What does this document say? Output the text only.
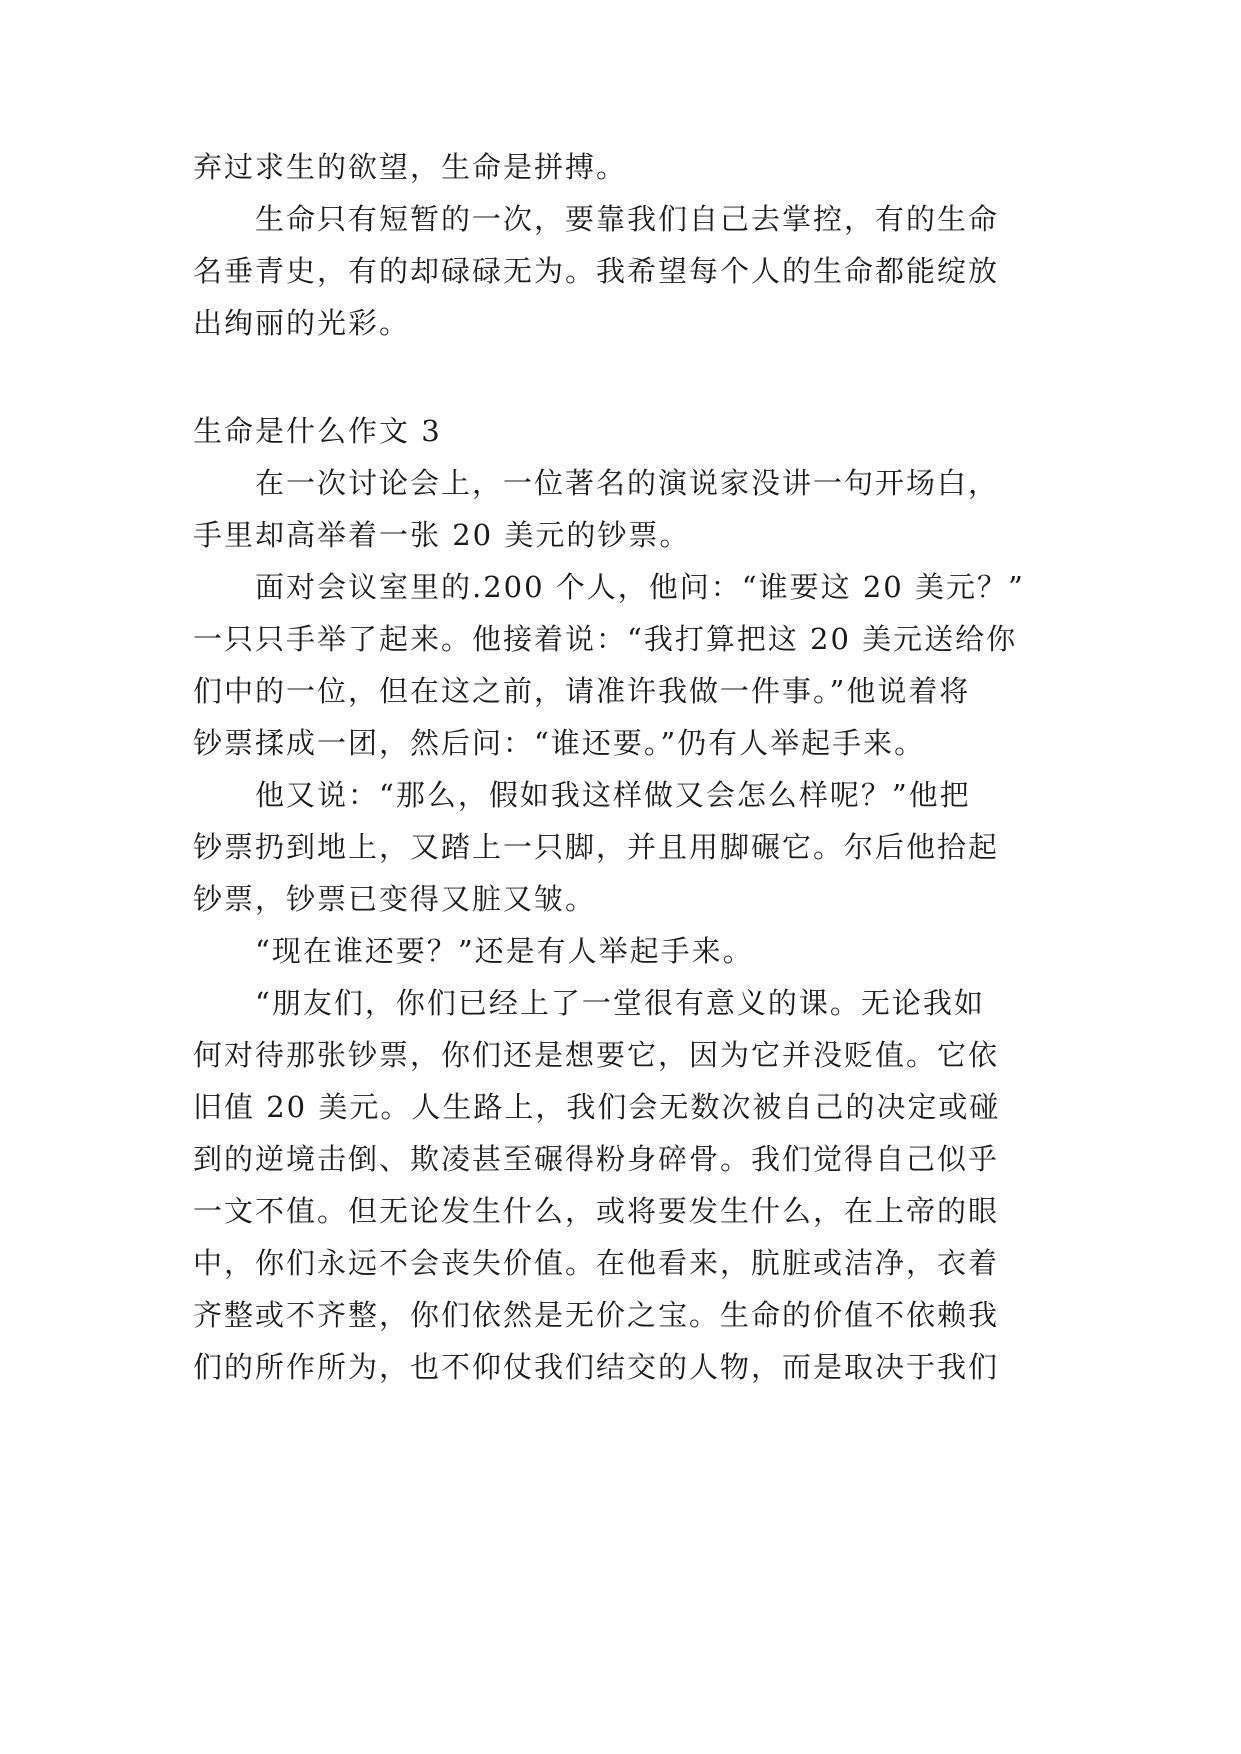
弃过求生的欲望，生命是拼搏。
生命只有短暂的一次，要靠我们自己去掌控，有的生命
名垂青史，有的却碌碌无为。我希望每个人的生命都能绽放
出绚丽的光彩。
生命是什么作文 3
在一次讨论会上，一位著名的演说家没讲一句开场白，
手里却高举着一张 20 美元的钞票。
面对会议室里的.200 个人，他问：“谁要这 20 美元？”
一只只手举了起来。他接着说：“我打算把这 20 美元送给你
们中的一位，但在这之前，请准许我做一件事。”他说着将
钞票揉成一团，然后问：“谁还要。”仍有人举起手来。
他又说：“那么，假如我这样做又会怎么样呢？”他把
钞票扔到地上，又踏上一只脚，并且用脚碾它。尔后他拾起
钞票，钞票已变得又脏又皱。
“现在谁还要？”还是有人举起手来。
“朋友们，你们已经上了一堂很有意义的课。无论我如
何对待那张钞票，你们还是想要它，因为它并没贬值。它依
旧值 20 美元。人生路上，我们会无数次被自己的决定或碰
到的逆境击倒、欺凌甚至碾得粉身碎骨。我们觉得自己似乎
一文不值。但无论发生什么，或将要发生什么，在上帝的眼
中，你们永远不会丧失价值。在他看来，肮脏或洁净，衣着
齐整或不齐整，你们依然是无价之宝。生命的价值不依赖我
们的所作所为，也不仰仗我们结交的人物，而是取决于我们
